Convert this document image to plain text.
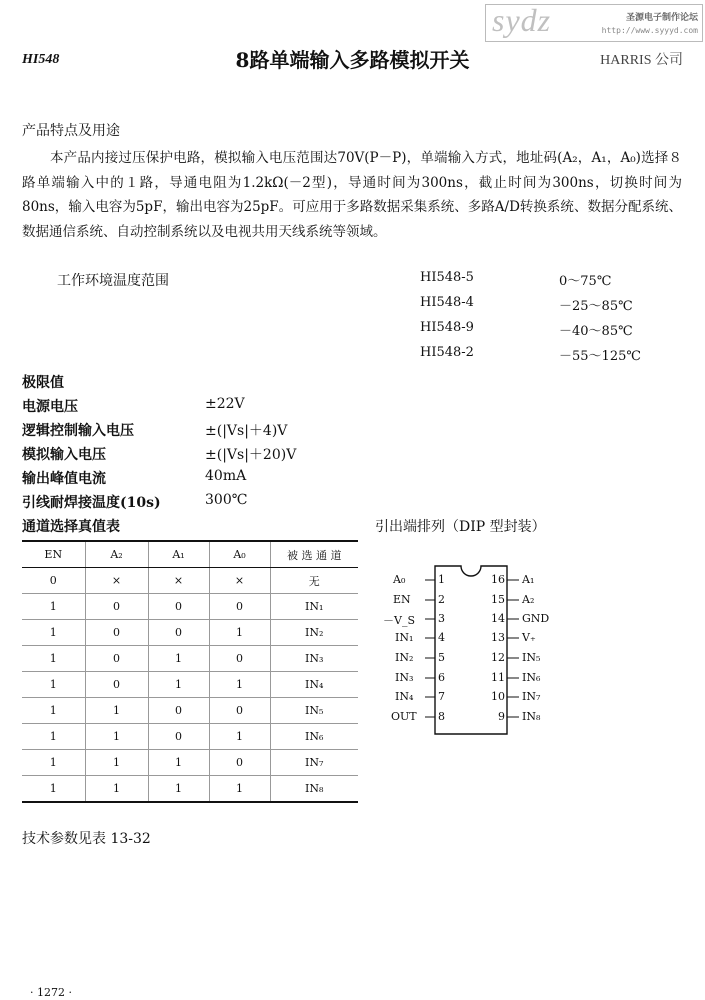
HI548	8路单端输入多路模拟开关
sydz	圣源电子制作论坛
http://www.syyyd.com
HARRIS 公司
产品特点及用途
本产品内接过压保护电路，模拟输入电压范围达70V(P－P)，单端输入方式，地址码(A₂，A₁，A₀)选择８路单端输入中的１路，导通电阻为1.2kΩ(－2型)，导通时间为300ns，截止时间为300ns，切换时间为80ns，输入电容为5pF，输出电容为25pF。可应用于多路数据采集系统、多路A/D转换系统、数据分配系统、数据通信系统、自动控制系统以及电视共用天线系统等领域。
工作环境温度范围	HI548-5	0～75℃
HI548-4	－25～85℃
HI548-9	－40～85℃
HI548-2	－55～125℃
极限值
电源电压	±22V
逻辑控制输入电压	±(|Vs|＋4)V
模拟输入电压	±(|Vs|＋20)V
输出峰值电流	40mA
引线耐焊接温度(10s)	300℃
通道选择真值表
EN	A₂	A₁	A₀	被 选 通 道
0	×	×	×	无
1	0	0	0	IN₁
1	0	0	1	IN₂
1	0	1	0	IN₃
1	0	1	1	IN₄
1	1	0	0	IN₅
1	1	0	1	IN₆
1	1	1	0	IN₇
1	1	1	1	IN₈
引出端排列（DIP 型封装）
A₀	1
EN 2
－V_S 3
IN₁ 4
IN₂ 5
IN₃ 6
IN₄ 7
OUT 8
16 A₁
15 A₂
14 GND
13 V₊
12 IN₅
11 IN₆
10 IN₇
9 IN₈
技术参数见表 13-32
· 1272 ·
